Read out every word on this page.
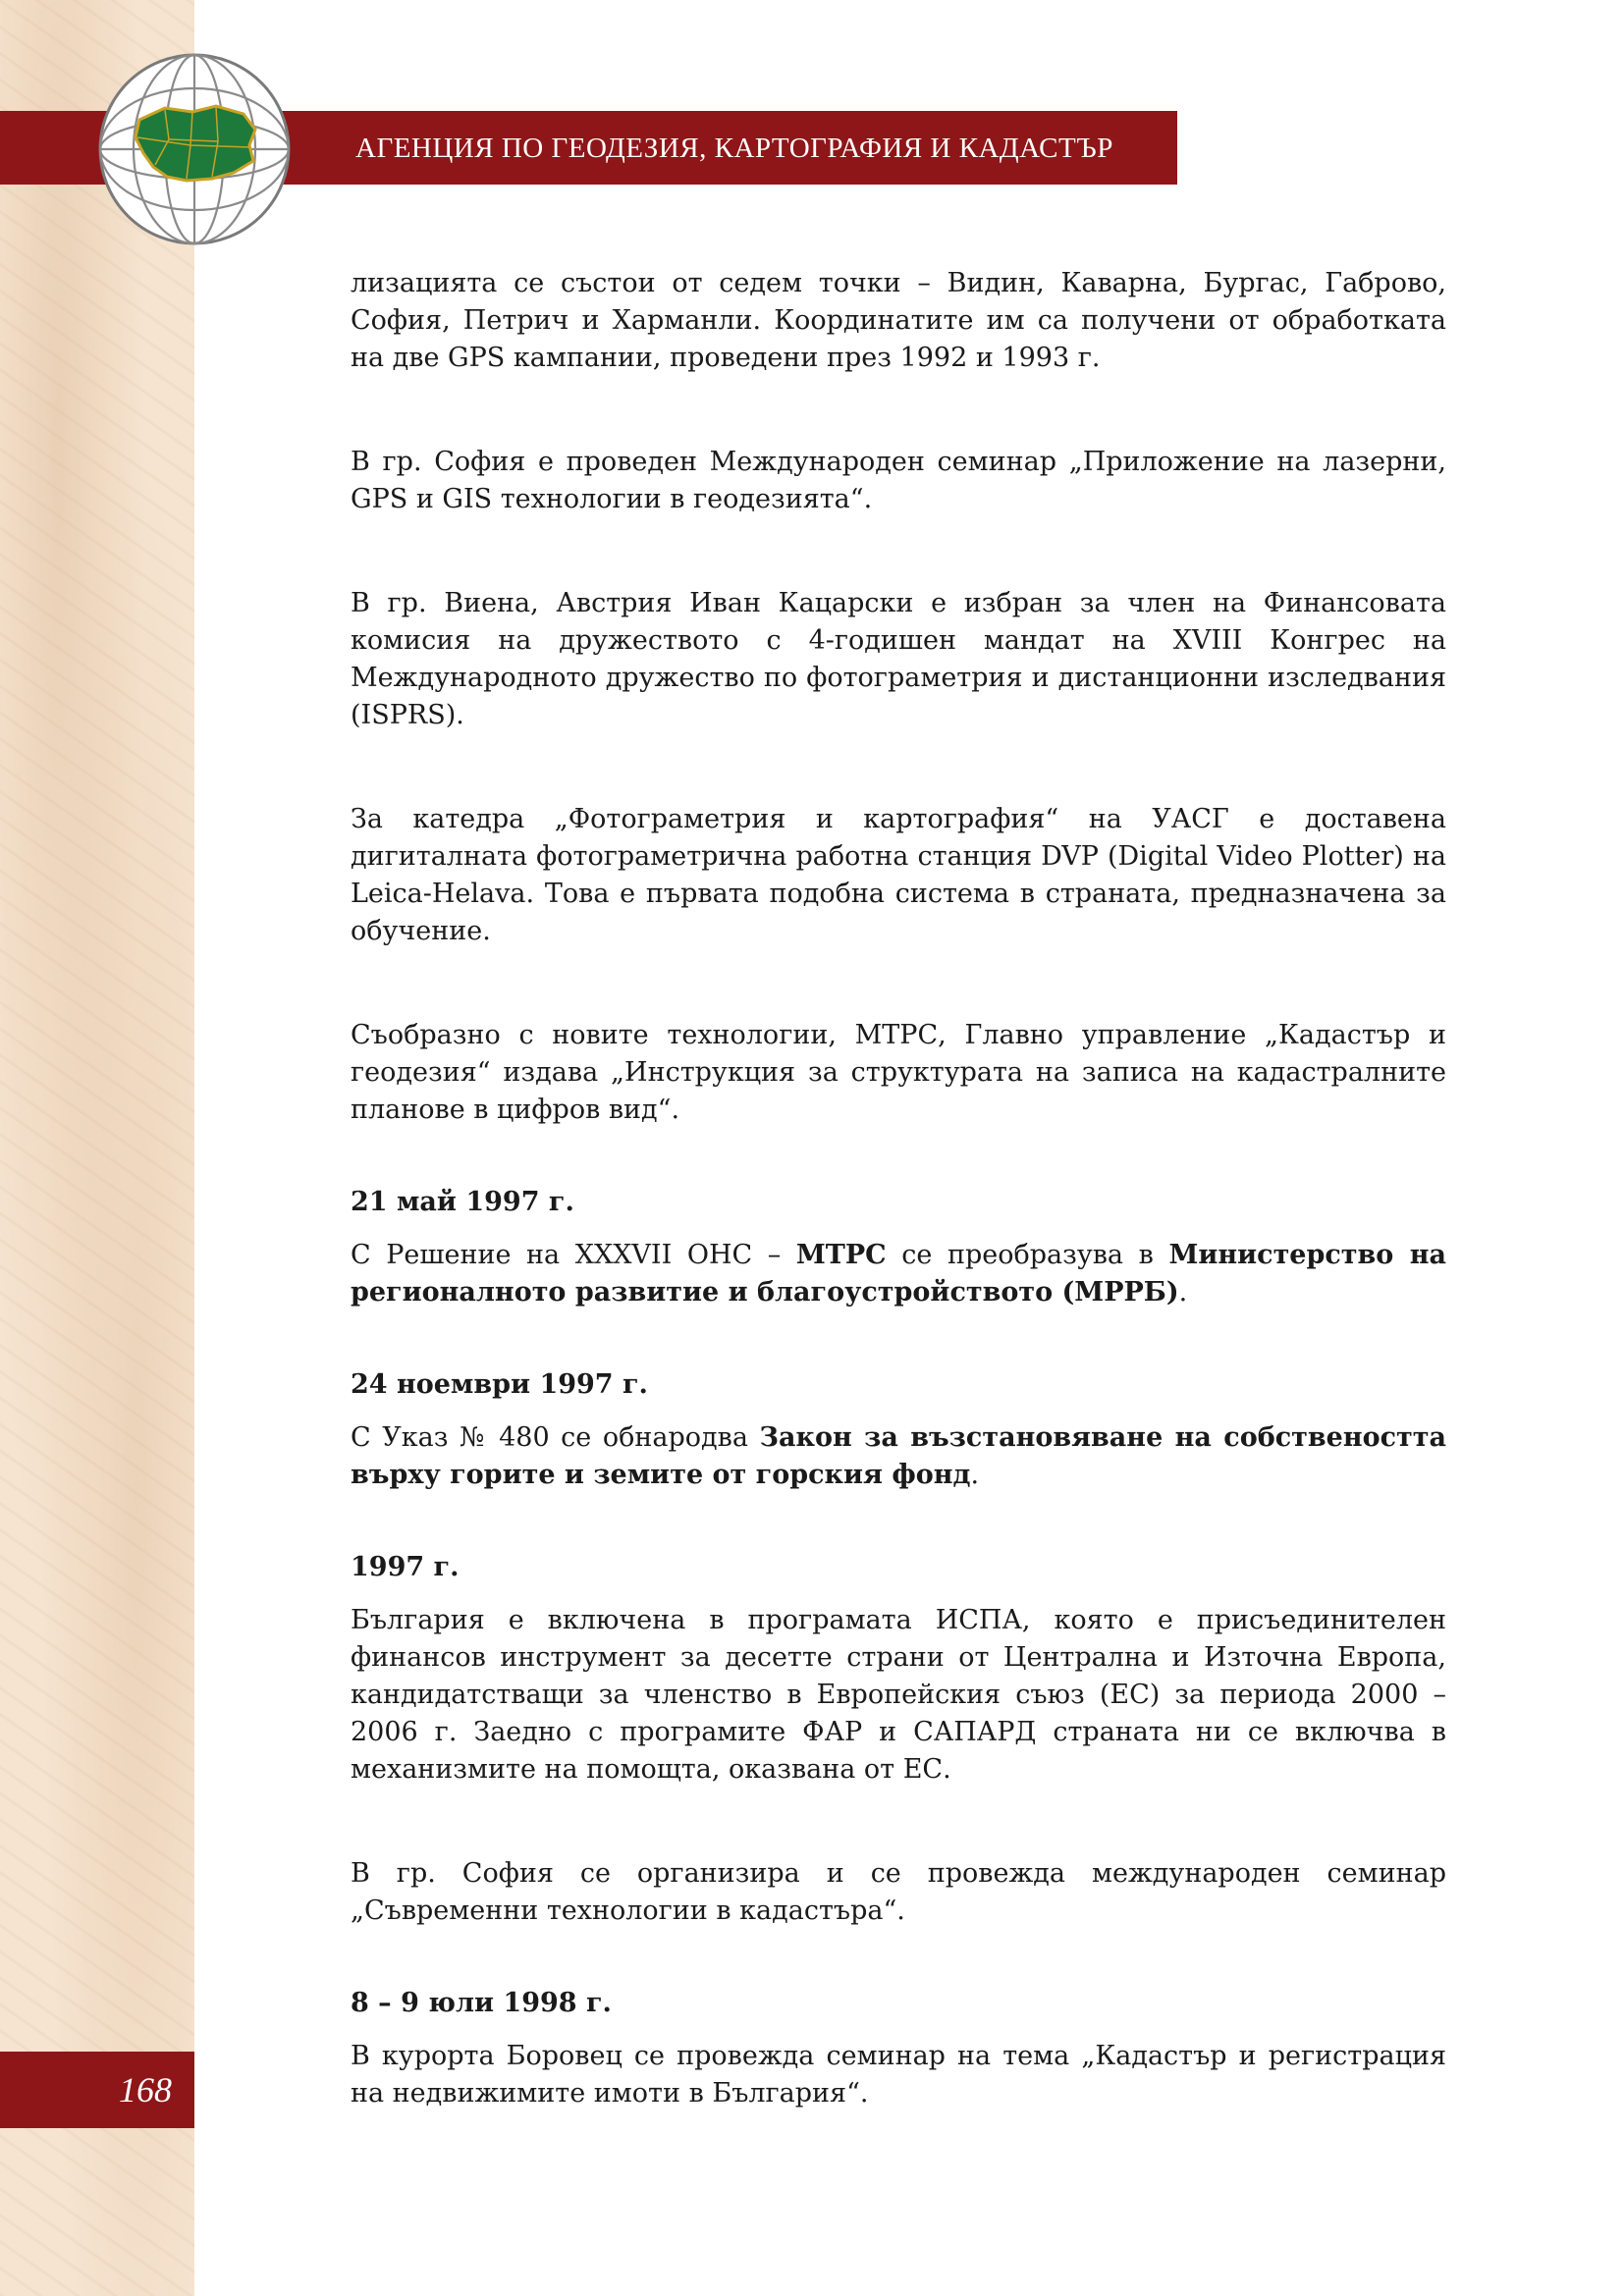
АГЕНЦИЯ ПО ГЕОДЕЗИЯ, КАРТОГРАФИЯ И КАДАСТЪР

лизацията се състои от седем точки – Видин, Каварна, Бургас, Габрово, София, Петрич и Харманли. Координатите им са получени от обработката на две GPS кампании, проведени през 1992 и 1993 г.

В гр. София е проведен Международен семинар „Приложение на лазерни, GPS и GIS технологии в геодезията“.

В гр. Виена, Австрия Иван Кацарски е избран за член на Финансовата комисия на дружеството с 4-годишен мандат на XVIII Конгрес на Международното дружество по фотограметрия и дистанционни изследвания (ISPRS).

За катедра „Фотограметрия и картография“ на УАСГ е доставена дигиталната фотограметрична работна станция DVP (Digital Video Plotter) на Leica-Helava. Това е първата подобна система в страната, предназначена за обучение.

Съобразно с новите технологии, МТРС, Главно управление „Кадастър и геодезия“ издава „Инструкция за структурата на записа на кадастралните планове в цифров вид“.

21 май 1997 г.

С Решение на XXXVII ОНС – МТРС се преобразува в Министерство на регионалното развитие и благоустройството (МРРБ).

24 ноември 1997 г.

С Указ № 480 се обнародва Закон за възстановяване на собствеността върху горите и земите от горския фонд.

1997 г.

България е включена в програмата ИСПА, която е присъединителен финансов инструмент за десетте страни от Централна и Източна Европа, кандидатстващи за членство в Европейския съюз (ЕС) за периода 2000 – 2006 г. Заедно с програмите ФАР и САПАРД страната ни се включва в механизмите на помощта, оказвана от ЕС.

В гр. София се организира и се провежда международен семинар „Съвременни технологии в кадастъра“.

8 – 9 юли 1998 г.

В курорта Боровец се провежда семинар на тема „Кадастър и регистрация на недвижимите имоти в България“.

168
